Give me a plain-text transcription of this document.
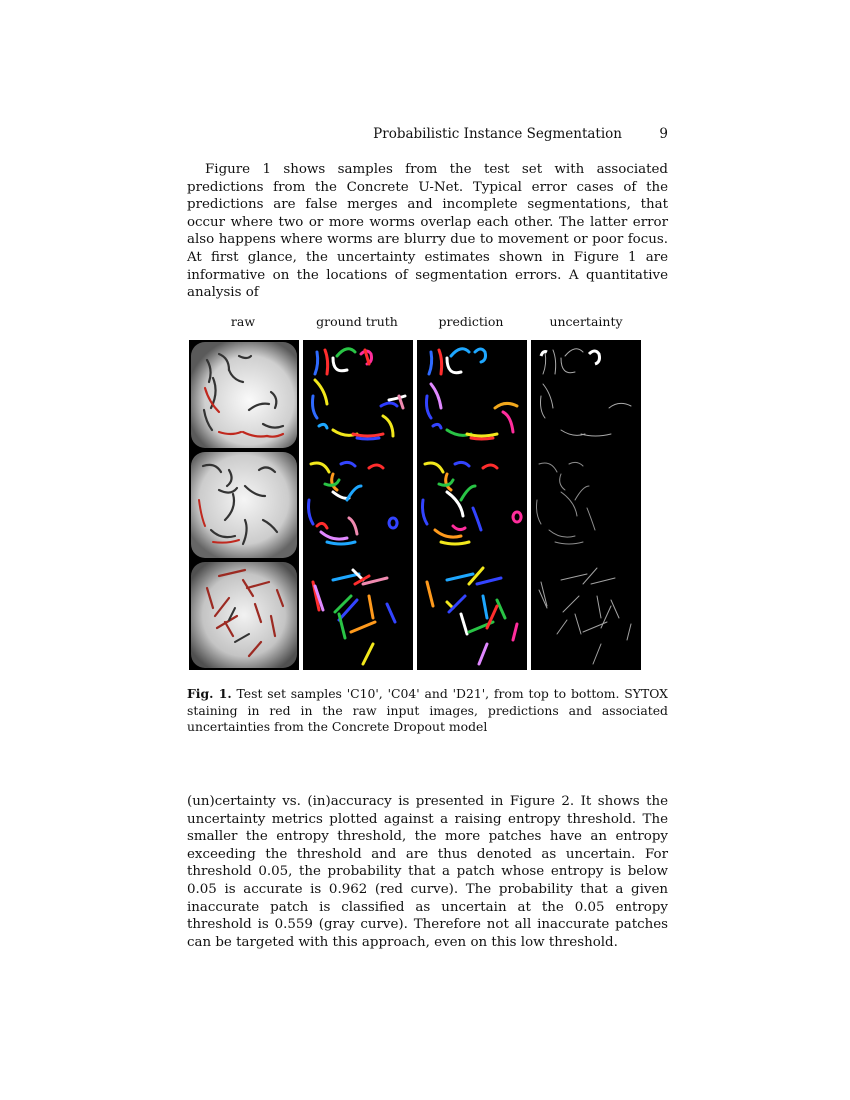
Probabilistic Instance Segmentation	9

Figure 1 shows samples from the test set with associated predictions from the Concrete U-Net. Typical error cases of the predictions are false merges and incomplete segmentations, that occur where two or more worms overlap each other. The latter error also happens where worms are blurry due to movement or poor focus. At first glance, the uncertainty estimates shown in Figure 1 are informative on the locations of segmentation errors. A quantitative analysis of

raw	ground truth	prediction	uncertainty

Fig. 1. Test set samples 'C10', 'C04' and 'D21', from top to bottom. SYTOX staining in red in the raw input images, predictions and associated uncertainties from the Concrete Dropout model

(un)certainty vs. (in)accuracy is presented in Figure 2. It shows the uncertainty metrics plotted against a raising entropy threshold. The smaller the entropy threshold, the more patches have an entropy exceeding the threshold and are thus denoted as uncertain. For threshold 0.05, the probability that a patch whose entropy is below 0.05 is accurate is 0.962 (red curve). The probability that a given inaccurate patch is classified as uncertain at the 0.05 entropy threshold is 0.559 (gray curve). Therefore not all inaccurate patches can be targeted with this approach, even on this low threshold.
